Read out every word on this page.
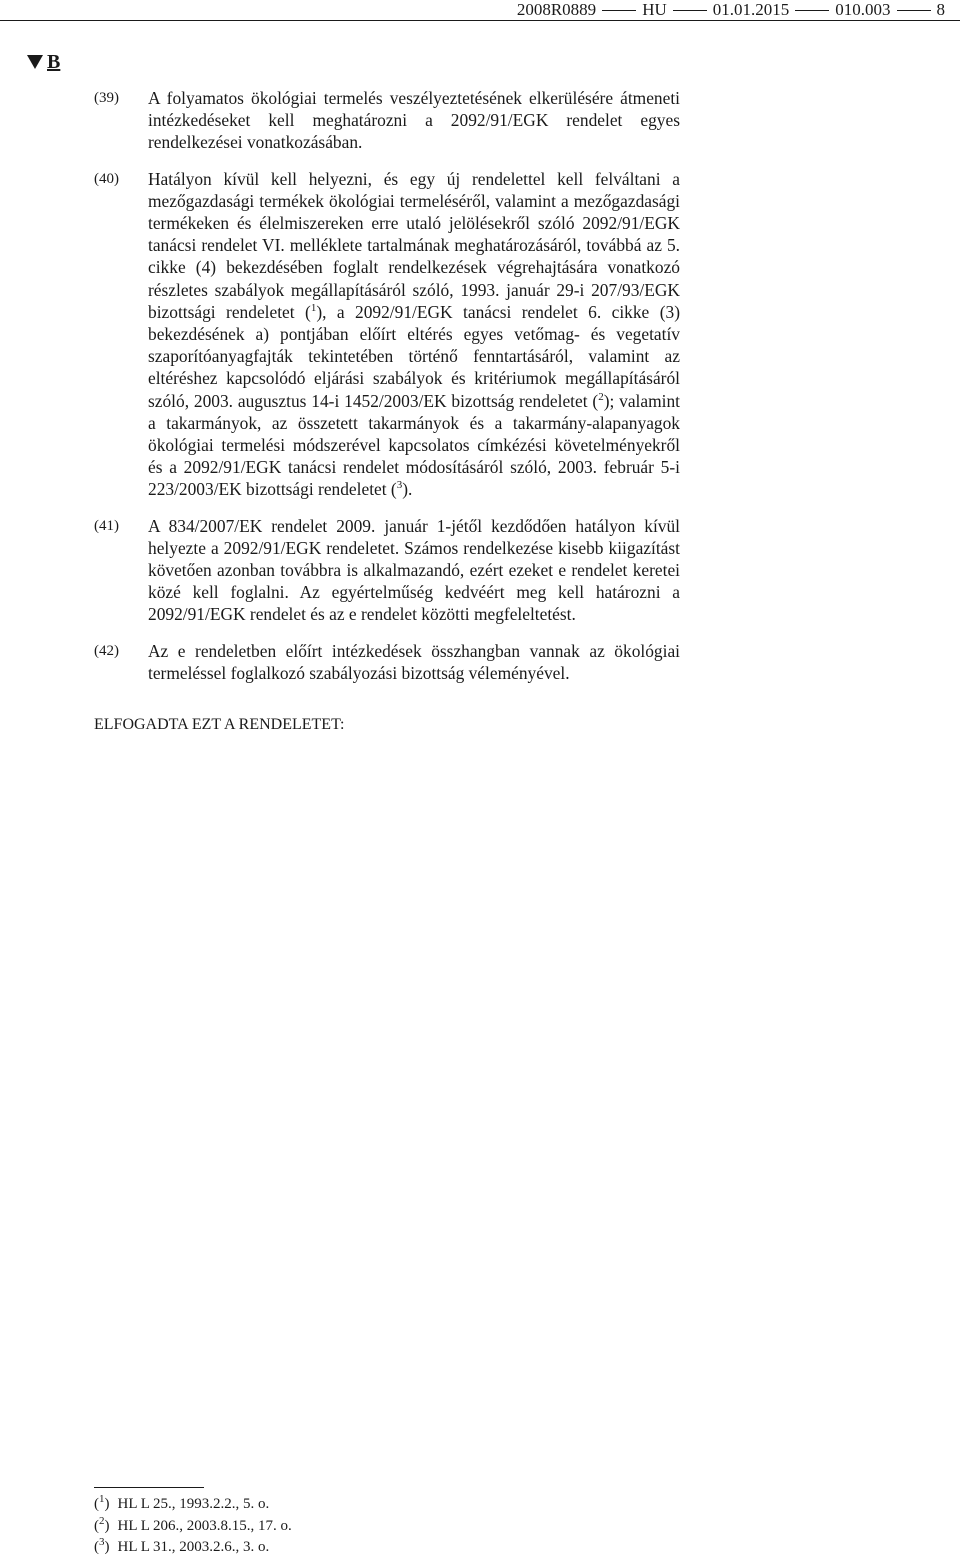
2008R0889	HU	01.01.2015	010.003	8
B
(39) A folyamatos ökológiai termelés veszélyeztetésének elkerülésére átmeneti intézkedéseket kell meghatározni a 2092/91/EGK rendelet egyes rendelkezései vonatkozásában.
(40) Hatályon kívül kell helyezni, és egy új rendelettel kell felváltani a mezőgazdasági termékek ökológiai termeléséről, valamint a mezőgazdasági termékeken és élelmiszereken erre utaló jelölésekről szóló 2092/91/EGK tanácsi rendelet VI. melléklete tartalmának meghatározásáról, továbbá az 5. cikke (4) bekezdésében foglalt rendelkezések végrehajtására vonatkozó részletes szabályok megállapításáról szóló, 1993. január 29-i 207/93/EGK bizottsági rendeletet ($^1$), a 2092/91/EGK tanácsi rendelet 6. cikke (3) bekezdésének a) pontjában előírt eltérés egyes vetőmag- és vegetatív szaporítóanyagfajták tekintetében történő fenntartásáról, valamint az eltéréshez kapcsolódó eljárási szabályok és kritériumok megállapításáról szóló, 2003. augusztus 14-i 1452/2003/EK bizottság rendeletet ($^2$); valamint a takarmányok, az összetett takarmányok és a takarmány-alapanyagok ökológiai termelési módszerével kapcsolatos címkézési követelményekről és a 2092/91/EGK tanácsi rendelet módosításáról szóló, 2003. február 5-i 223/2003/EK bizottsági rendeletet ($^3$).
(41) A 834/2007/EK rendelet 2009. január 1-jétől kezdődően hatályon kívül helyezte a 2092/91/EGK rendeletet. Számos rendelkezése kisebb kiigazítást követően azonban továbbra is alkalmazandó, ezért ezeket e rendelet keretei közé kell foglalni. Az egyértelműség kedvéért meg kell határozni a 2092/91/EGK rendelet és az e rendelet közötti megfeleltetést.
(42) Az e rendeletben előírt intézkedések összhangban vannak az ökológiai termeléssel foglalkozó szabályozási bizottság véleményével.
ELFOGADTA EZT A RENDELETET:
($^1$) HL L 25., 1993.2.2., 5. o.
($^2$) HL L 206., 2003.8.15., 17. o.
($^3$) HL L 31., 2003.2.6., 3. o.
